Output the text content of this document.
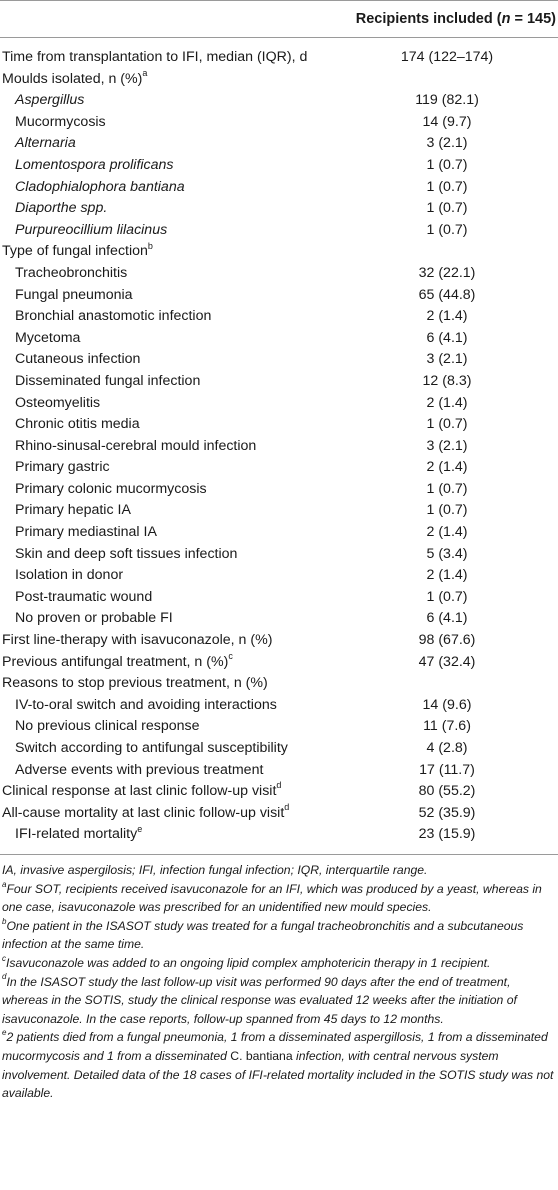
Recipients included (n = 145)
Time from transplantation to IFI, median (IQR), d	174 (122–174)
Moulds isolated, n (%)$^a$
Aspergillus	119 (82.1)
Mucormycosis	14 (9.7)
Alternaria	3 (2.1)
Lomentospora prolificans	1 (0.7)
Cladophialophora bantiana	1 (0.7)
Diaporthe spp.	1 (0.7)
Purpureocillium lilacinus	1 (0.7)
Type of fungal infection$^b$
Tracheobronchitis	32 (22.1)
Fungal pneumonia	65 (44.8)
Bronchial anastomotic infection	2 (1.4)
Mycetoma	6 (4.1)
Cutaneous infection	3 (2.1)
Disseminated fungal infection	12 (8.3)
Osteomyelitis	2 (1.4)
Chronic otitis media	1 (0.7)
Rhino-sinusal-cerebral mould infection	3 (2.1)
Primary gastric	2 (1.4)
Primary colonic mucormycosis	1 (0.7)
Primary hepatic IA	1 (0.7)
Primary mediastinal IA	2 (1.4)
Skin and deep soft tissues infection	5 (3.4)
Isolation in donor	2 (1.4)
Post-traumatic wound	1 (0.7)
No proven or probable FI	6 (4.1)
First line-therapy with isavuconazole, n (%)	98 (67.6)
Previous antifungal treatment, n (%)$^c$	47 (32.4)
Reasons to stop previous treatment, n (%)
IV-to-oral switch and avoiding interactions	14 (9.6)
No previous clinical response	11 (7.6)
Switch according to antifungal susceptibility	4 (2.8)
Adverse events with previous treatment	17 (11.7)
Clinical response at last clinic follow-up visit$^d$	80 (55.2)
All-cause mortality at last clinic follow-up visit$^d$	52 (35.9)
IFI-related mortality$^e$	23 (15.9)

IA, invasive aspergilosis; IFI, infection fungal infection; IQR, interquartile range.

$^a$Four SOT, recipients received isavuconazole for an IFI, which was produced by a yeast, whereas in one case, isavuconazole was prescribed for an unidentified new mould species.

$^b$One patient in the ISASOT study was treated for a fungal tracheobronchitis and a subcutaneous infection at the same time.

$^c$Isavuconazole was added to an ongoing lipid complex amphotericin therapy in 1 recipient.

$^d$In the ISASOT study the last follow-up visit was performed 90 days after the end of treatment, whereas in the SOTIS, study the clinical response was evaluated 12 weeks after the initiation of isavuconazole. In the case reports, follow-up spanned from 45 days to 12 months.

$^e$2 patients died from a fungal pneumonia, 1 from a disseminated aspergillosis, 1 from a disseminated mucormycosis and 1 from a disseminated C. bantiana infection, with central nervous system involvement. Detailed data of the 18 cases of IFI-related mortality included in the SOTIS study was not available.
